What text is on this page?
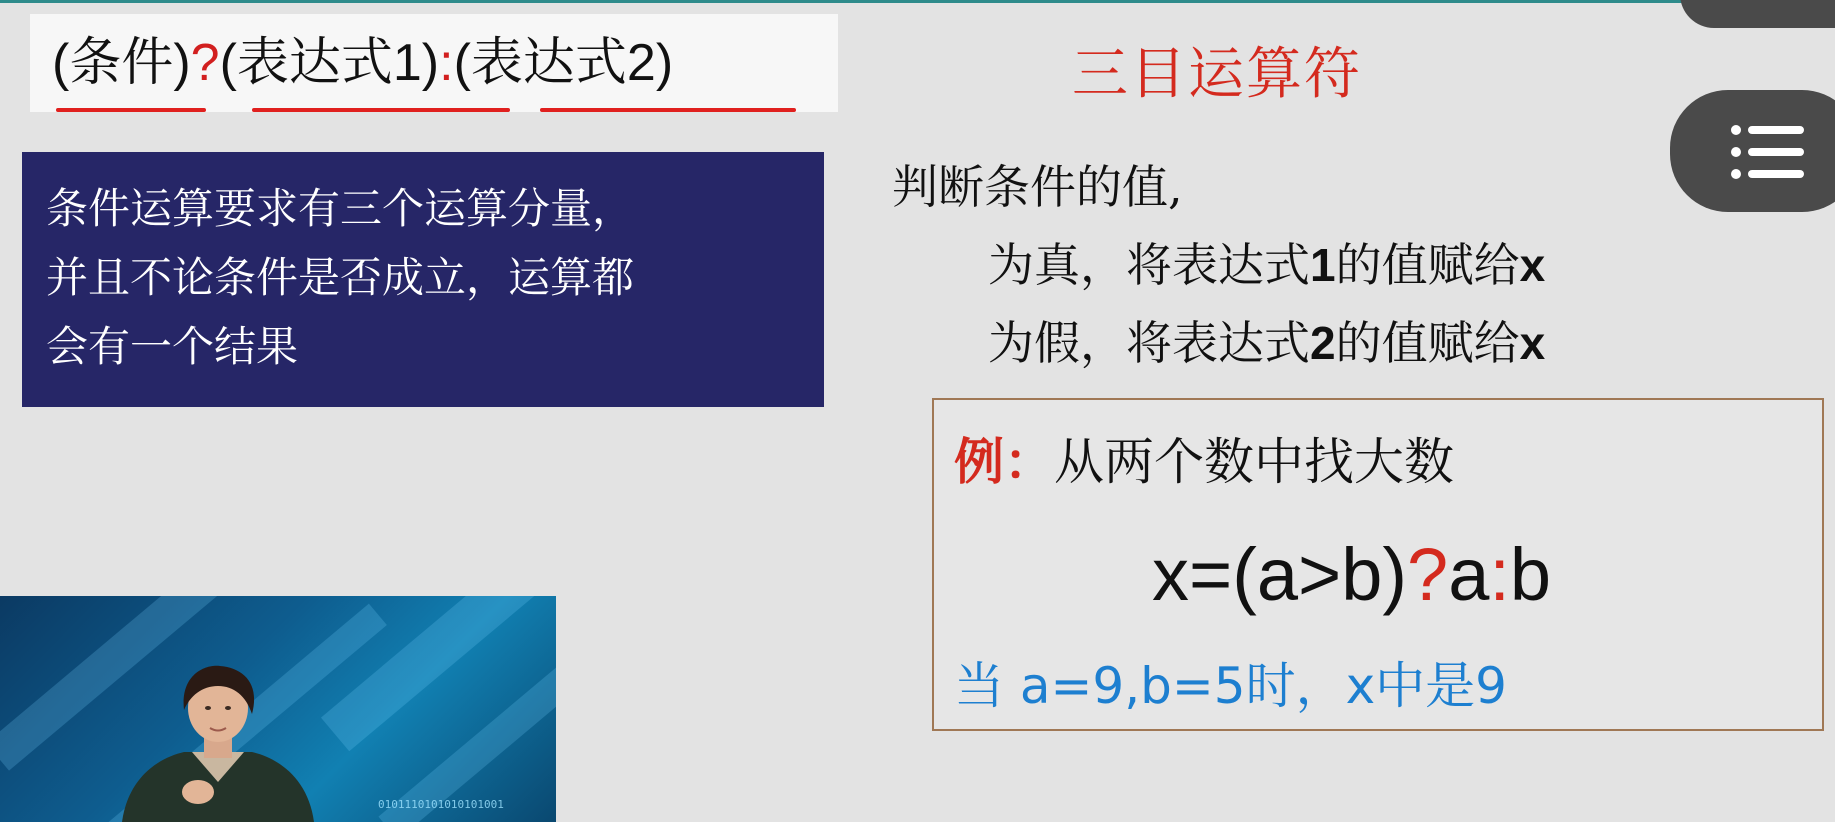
(条件)?(表达式1):(表达式2)	三目运算符
条件运算要求有三个运算分量，
并且不论条件是否成立，运算都
会有一个结果
判断条件的值,
为真，将表达式1的值赋给x
为假，将表达式2的值赋给x
例：从两个数中找大数
x=(a>b)?a:b
当 a=9,b=5时，x中是9
0101110101010101001
